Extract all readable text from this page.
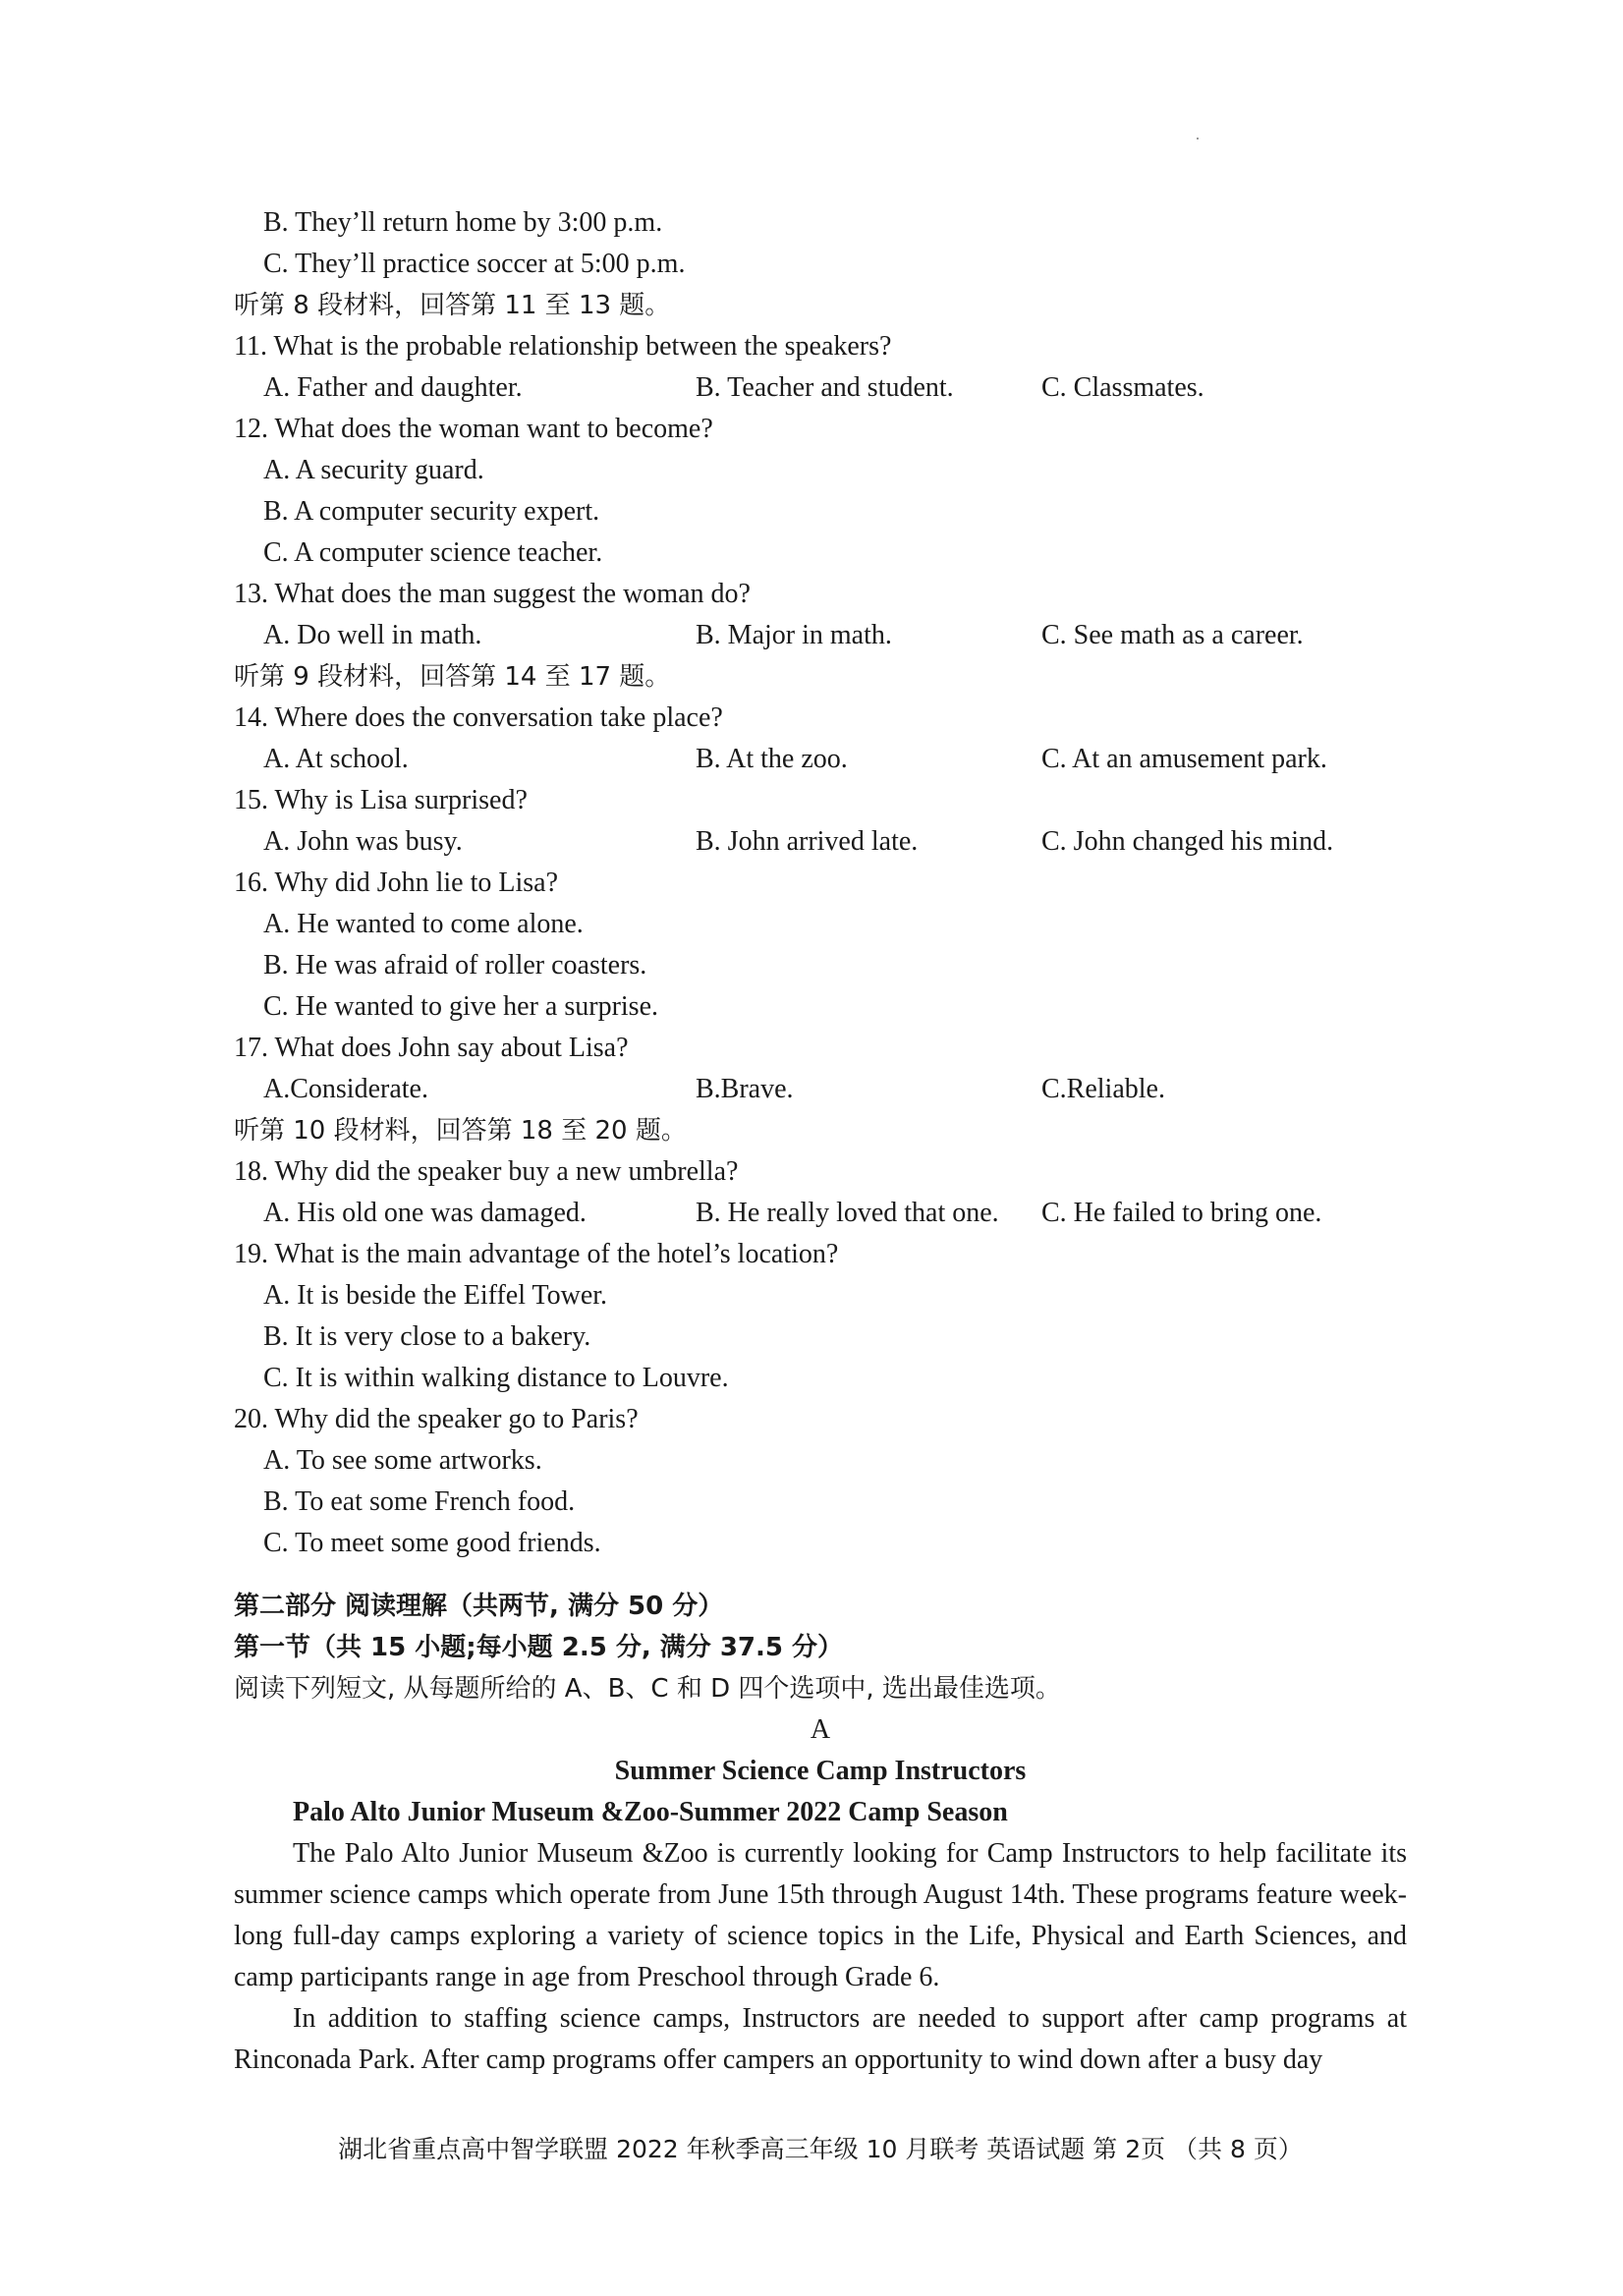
B. They’ll return home by 3:00 p.m.
C. They’ll practice soccer at 5:00 p.m.
听第 8 段材料，回答第 11 至 13 题。
11. What is the probable relationship between the speakers?
A. Father and daughter.	B. Teacher and student.	C. Classmates.
12. What does the woman want to become?
A. A security guard.
B. A computer security expert.
C. A computer science teacher.
13. What does the man suggest the woman do?
A. Do well in math.	B. Major in math.	C. See math as a career.
听第 9 段材料，回答第 14 至 17 题。
14. Where does the conversation take place?
A. At school.	B. At the zoo.	C. At an amusement park.
15. Why is Lisa surprised?
A. John was busy.	B. John arrived late.	C. John changed his mind.
16. Why did John lie to Lisa?
A. He wanted to come alone.
B. He was afraid of roller coasters.
C. He wanted to give her a surprise.
17. What does John say about Lisa?
A.Considerate.	B.Brave.	C.Reliable.
听第 10 段材料，回答第 18 至 20 题。
18. Why did the speaker buy a new umbrella?
A. His old one was damaged.	B. He really loved that one.	C. He failed to bring one.
19. What is the main advantage of the hotel’s location?
A. It is beside the Eiffel Tower.
B. It is very close to a bakery.
C. It is within walking distance to Louvre.
20. Why did the speaker go to Paris?
A. To see some artworks.
B. To eat some French food.
C. To meet some good friends.
第二部分 阅读理解（共两节, 满分 50 分）
第一节（共 15 小题;每小题 2.5 分, 满分 37.5 分）
阅读下列短文, 从每题所给的 A、B、C 和 D 四个选项中, 选出最佳选项。
A
Summer Science Camp Instructors
Palo Alto Junior Museum &Zoo-Summer 2022 Camp Season
The Palo Alto Junior Museum &Zoo is currently looking for Camp Instructors to help facilitate its summer science camps which operate from June 15th through August 14th. These programs feature week-long full-day camps exploring a variety of science topics in the Life, Physical and Earth Sciences, and camp participants range in age from Preschool through Grade 6.
In addition to staffing science camps, Instructors are needed to support after camp programs at Rinconada Park. After camp programs offer campers an opportunity to wind down after a busy day
湖北省重点高中智学联盟 2022 年秋季高三年级 10 月联考 英语试题 第 2页 （共 8 页）
